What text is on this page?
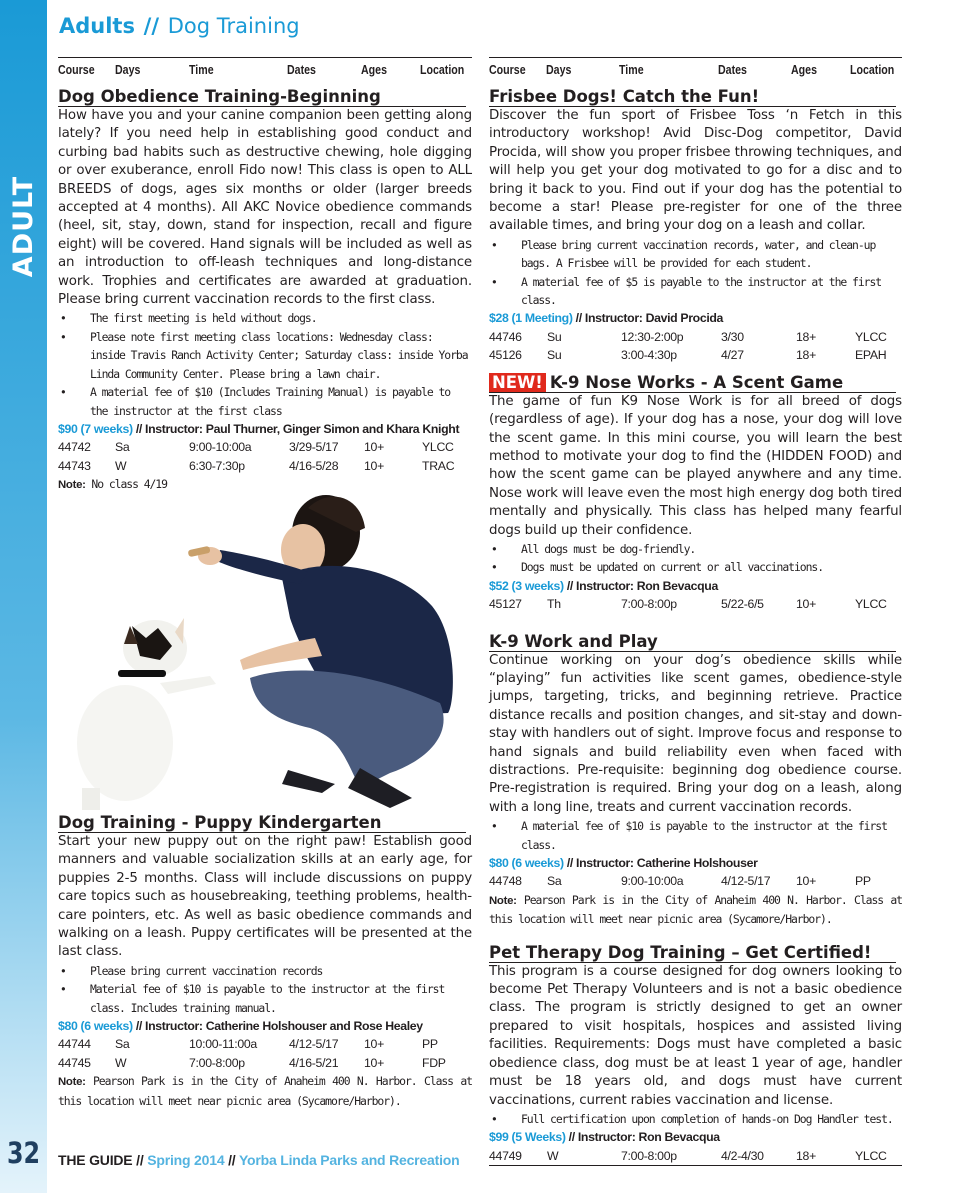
ADULT
32
Adults // Dog Training
Course	Days	Time	Dates	Ages	Location
Dog Obedience Training-Beginning

How have you and your canine companion been getting along lately? If you need help in establishing good conduct and curbing bad habits such as destructive chewing, hole digging or over exuberance, enroll Fido now! This class is open to ALL BREEDS of dogs, ages six months or older (larger breeds accepted at 4 months). All AKC Novice obedience commands (heel, sit, stay, down, stand for inspection, recall and figure eight) will be covered. Hand signals will be included as well as an introduction to off-leash techniques and long-distance work. Trophies and certificates are awarded at graduation. Please bring current vaccination records to the first class.

• The first meeting is held without dogs.
• Please note first meeting class locations: Wednesday class: inside Travis Ranch Activity Center; Saturday class: inside Yorba Linda Community Center. Please bring a lawn chair.
• A material fee of $10 (Includes Training Manual) is payable to the instructor at the first class
$90 (7 weeks) // Instructor: Paul Thurner, Ginger Simon and Khara Knight
44742	Sa	9:00-10:00a	3/29-5/17	10+	YLCC
44743	W	6:30-7:30p	4/16-5/28	10+	TRAC
Note: No class 4/19
Dog Training - Puppy Kindergarten

Start your new puppy out on the right paw! Establish good manners and valuable socialization skills at an early age, for puppies 2-5 months. Class will include discussions on puppy care topics such as housebreaking, teething problems, health-care pointers, etc. As well as basic obedience commands and walking on a leash. Puppy certificates will be presented at the last class.

• Please bring current vaccination records
• Material fee of $10 is payable to the instructor at the first class. Includes training manual.
$80 (6 weeks) // Instructor: Catherine Holshouser and Rose Healey
44744	Sa	10:00-11:00a	4/12-5/17	10+	PP
44745	W	7:00-8:00p	4/16-5/21	10+	FDP
Note: Pearson Park is in the City of Anaheim 400 N. Harbor. Class at this location will meet near picnic area (Sycamore/Harbor).
Course	Days	Time	Dates	Ages	Location
Frisbee Dogs! Catch the Fun!

Discover the fun sport of Frisbee Toss ‘n Fetch in this introductory workshop! Avid Disc-Dog competitor, David Procida, will show you proper frisbee throwing techniques, and will help you get your dog motivated to go for a disc and to bring it back to you. Find out if your dog has the potential to become a star! Please pre-register for one of the three available times, and bring your dog on a leash and collar.

• Please bring current vaccination records, water, and clean-up bags. A Frisbee will be provided for each student.
• A material fee of $5 is payable to the instructor at the first class.
$28 (1 Meeting) // Instructor: David Procida
44746	Su	12:30-2:00p	3/30	18+	YLCC
45126	Su	3:00-4:30p	4/27	18+	EPAH
NEW! K-9 Nose Works - A Scent Game

The game of fun K9 Nose Work is for all breed of dogs (regardless of age). If your dog has a nose, your dog will love the scent game. In this mini course, you will learn the best method to motivate your dog to find the (HIDDEN FOOD) and how the scent game can be played anywhere and any time. Nose work will leave even the most high energy dog both tired mentally and physically. This class has helped many fearful dogs build up their confidence.

• All dogs must be dog-friendly.
• Dogs must be updated on current or all vaccinations.
$52 (3 weeks) // Instructor: Ron Bevacqua
45127	Th	7:00-8:00p	5/22-6/5	10+	YLCC
K-9 Work and Play

Continue working on your dog’s obedience skills while “playing” fun activities like scent games, obedience-style jumps, targeting, tricks, and beginning retrieve. Practice distance recalls and position changes, and sit-stay and down-stay with handlers out of sight. Improve focus and response to hand signals and build reliability even when faced with distractions. Pre-requisite: beginning dog obedience course. Pre-registration is required. Bring your dog on a leash, along with a long line, treats and current vaccination records.

• A material fee of $10 is payable to the instructor at the first class.
$80 (6 weeks) // Instructor: Catherine Holshouser
44748	Sa	9:00-10:00a	4/12-5/17	10+	PP
Note: Pearson Park is in the City of Anaheim 400 N. Harbor. Class at this location will meet near picnic area (Sycamore/Harbor).
Pet Therapy Dog Training – Get Certified!

This program is a course designed for dog owners looking to become Pet Therapy Volunteers and is not a basic obedience class. The program is strictly designed to get an owner prepared to visit hospitals, hospices and assisted living facilities. Requirements: Dogs must have completed a basic obedience class, dog must be at least 1 year of age, handler must be 18 years old, and dogs must have current vaccinations, current rabies vaccination and license.

• Full certification upon completion of hands-on Dog Handler test.
$99 (5 Weeks) // Instructor: Ron Bevacqua
44749	W	7:00-8:00p	4/2-4/30	18+	YLCC
THE GUIDE // Spring 2014 // Yorba Linda Parks and Recreation
